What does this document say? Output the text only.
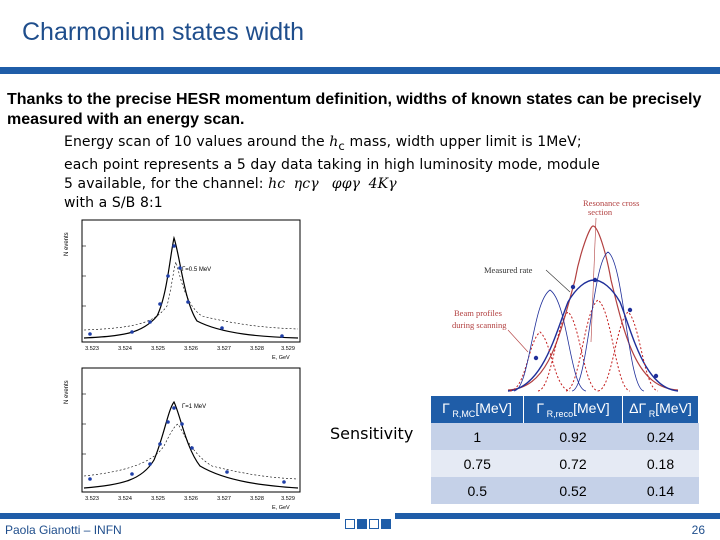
Charmonium states width
Thanks to the precise HESR momentum definition, widths of known states can be precisely measured with an energy scan.
Energy scan of 10 values around the $h_c$ mass, width upper limit is 1MeV;
each point represents a 5 day data taking in high luminosity mode, module
5 available, for the channel: hcηcγ φφγ4Kγ
with a S/B 8:1
N events
Γ=0.5 MeV
3.523	3.524	3.525	3.526	3.527	3.528	3.529
E, GeV
N events
Γ=1 MeV
3.523	3.524	3.525	3.526	3.527	3.528	3.529
E, GeV
Resonance cross
section
Measured rate
Beam profiles
during scanning
Sensitivity
Γ $_{R,MC}$[MeV]	Γ $_{R,reco}$[MeV]	ΔΓ $_R$[MeV]
1	0.92	0.24
0.75	0.72	0.18
0.5	0.52	0.14
Paola Gianotti – INFN	26
